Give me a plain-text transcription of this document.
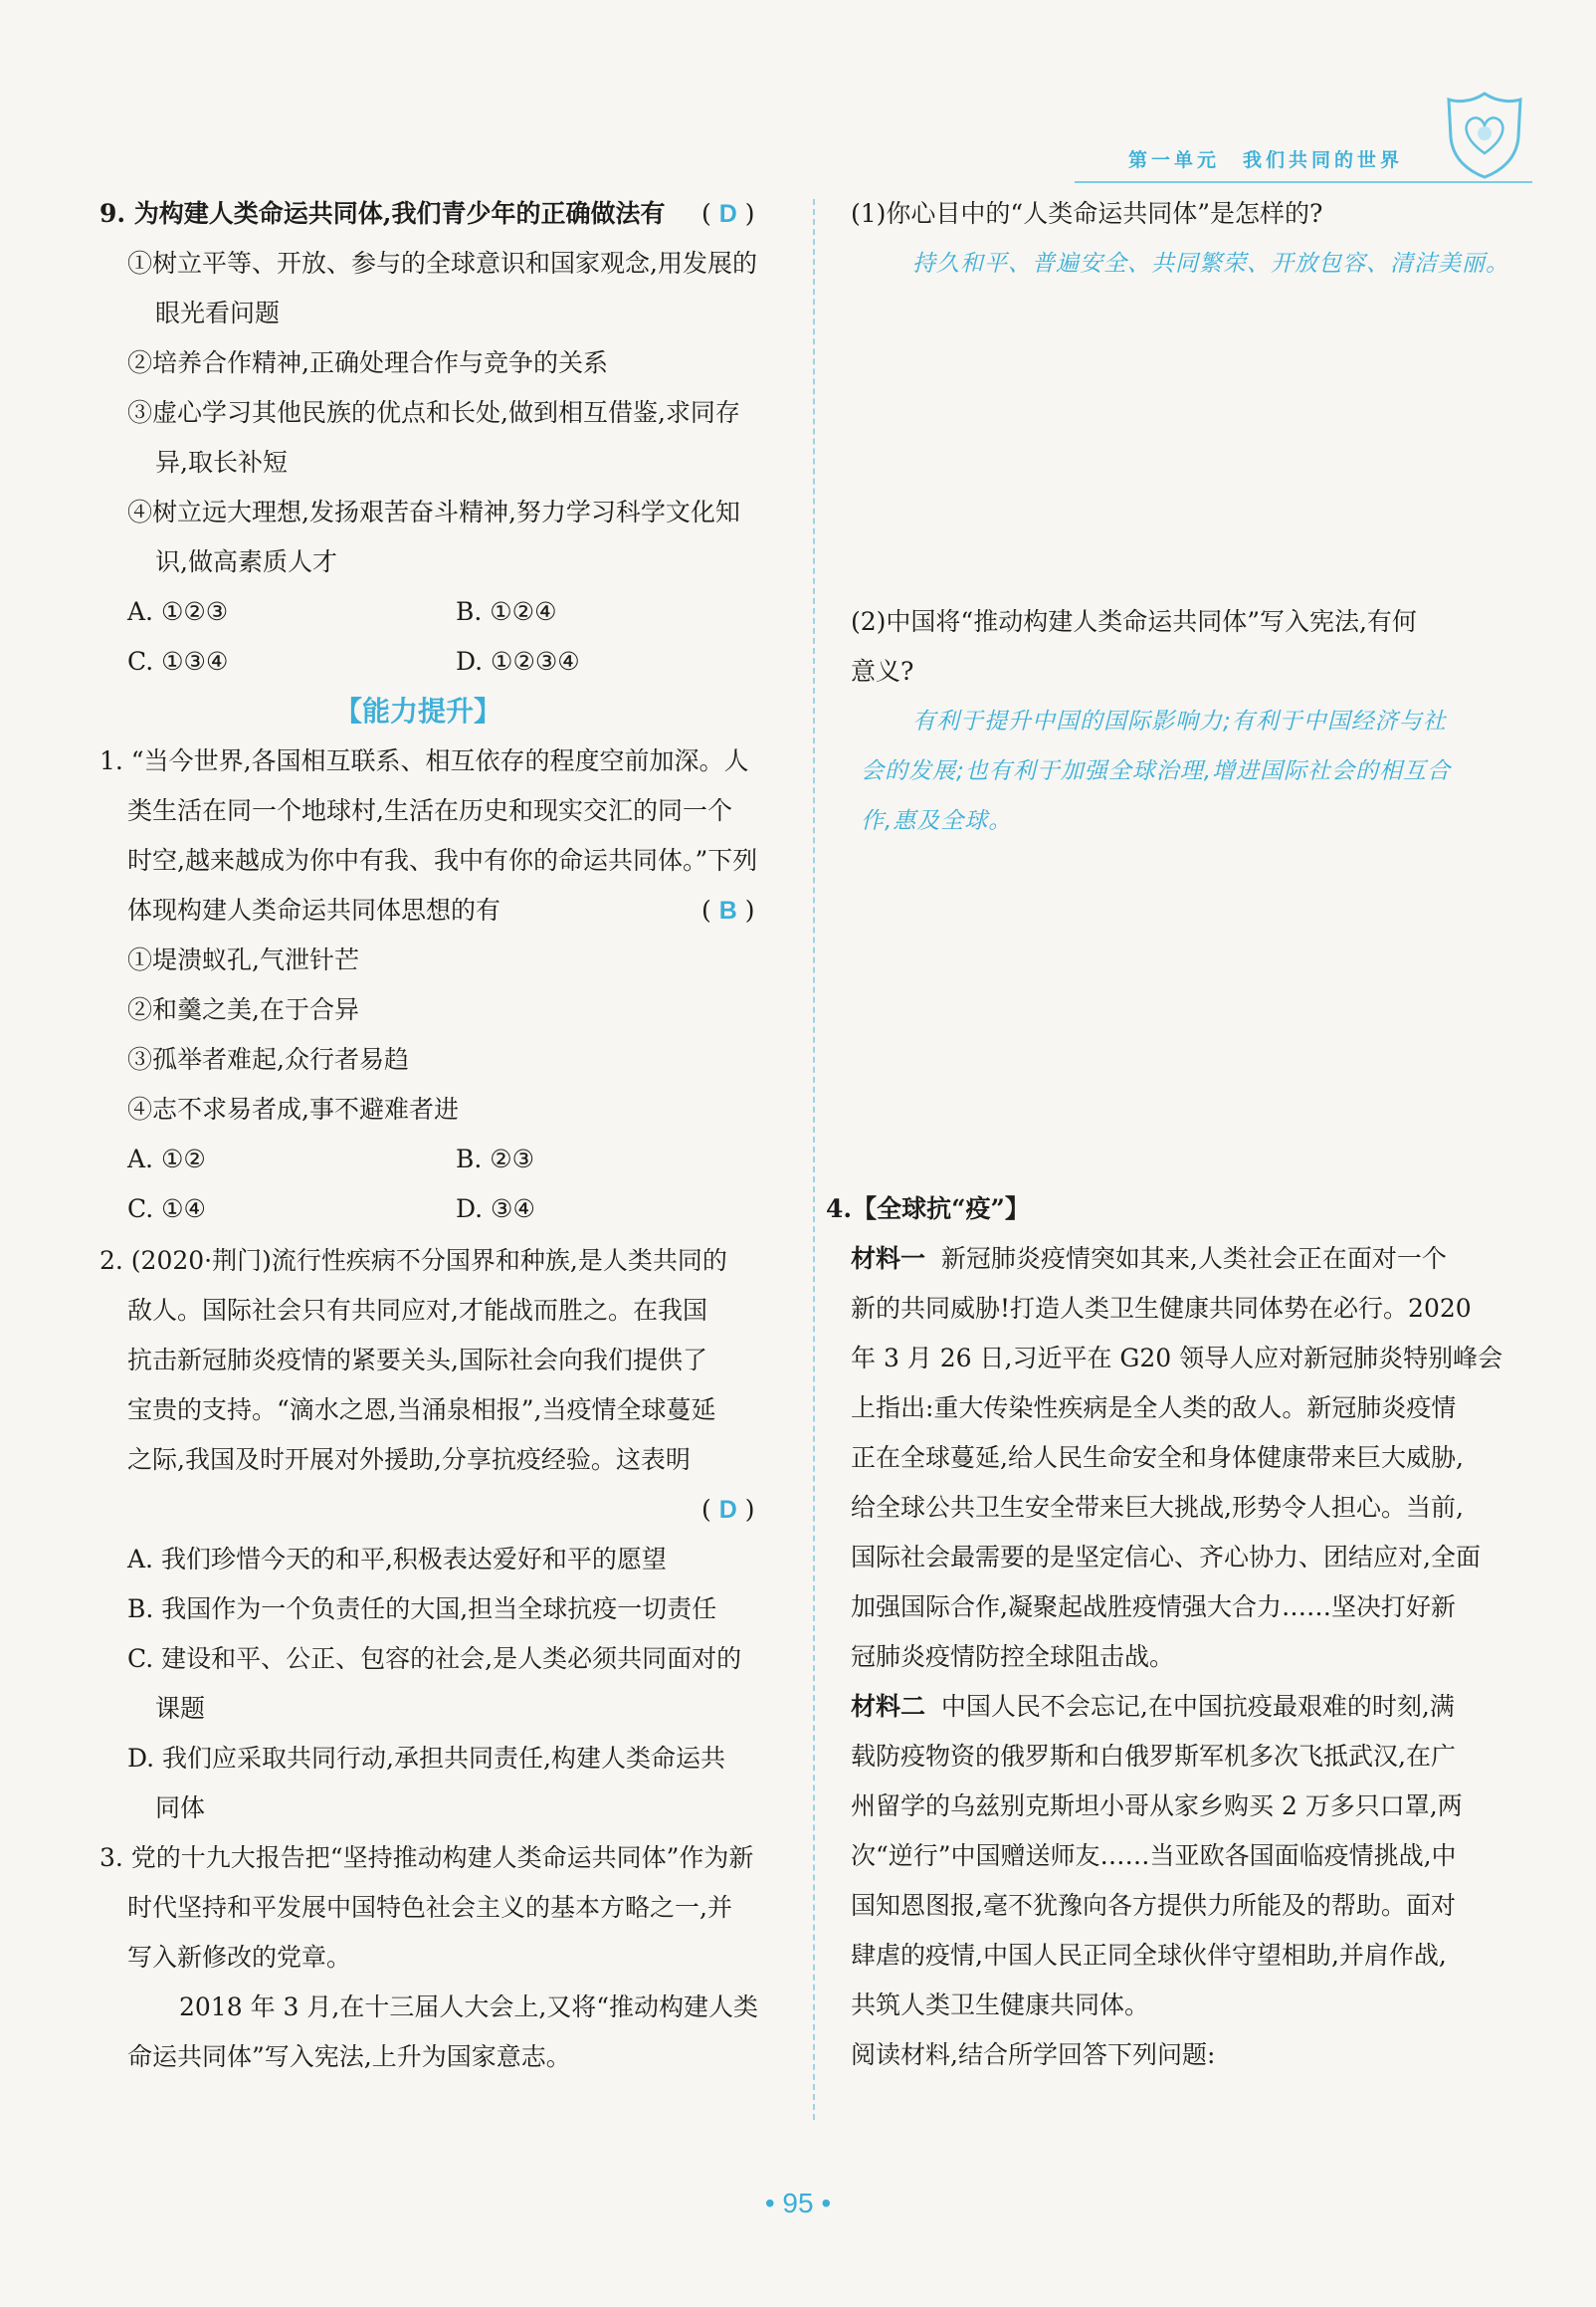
第一单元　我们共同的世界
9. 为构建人类命运共同体,我们青少年的正确做法有 ( D )
①树立平等、开放、参与的全球意识和国家观念,用发展的
眼光看问题
②培养合作精神,正确处理合作与竞争的关系
③虚心学习其他民族的优点和长处,做到相互借鉴,求同存
异,取长补短
④树立远大理想,发扬艰苦奋斗精神,努力学习科学文化知
识,做高素质人才
A. ①②③	B. ①②④
C. ①③④	D. ①②③④
【能力提升】
1. “当今世界,各国相互联系、相互依存的程度空前加深。人
类生活在同一个地球村,生活在历史和现实交汇的同一个
时空,越来越成为你中有我、我中有你的命运共同体。”下列
体现构建人类命运共同体思想的有	( B )
①堤溃蚁孔,气泄针芒
②和羹之美,在于合异
③孤举者难起,众行者易趋
④志不求易者成,事不避难者进
A. ①②	B. ②③
C. ①④	D. ③④
2. (2020·荆门)流行性疾病不分国界和种族,是人类共同的
敌人。国际社会只有共同应对,才能战而胜之。在我国
抗击新冠肺炎疫情的紧要关头,国际社会向我们提供了
宝贵的支持。“滴水之恩,当涌泉相报”,当疫情全球蔓延
之际,我国及时开展对外援助,分享抗疫经验。这表明
( D )
A. 我们珍惜今天的和平,积极表达爱好和平的愿望
B. 我国作为一个负责任的大国,担当全球抗疫一切责任
C. 建设和平、公正、包容的社会,是人类必须共同面对的
课题
D. 我们应采取共同行动,承担共同责任,构建人类命运共
同体
3. 党的十九大报告把“坚持推动构建人类命运共同体”作为新
时代坚持和平发展中国特色社会主义的基本方略之一,并
写入新修改的党章。
2018 年 3 月,在十三届人大会上,又将“推动构建人类
命运共同体”写入宪法,上升为国家意志。
(1)你心目中的“人类命运共同体”是怎样的?
持久和平、普遍安全、共同繁荣、开放包容、清洁美丽。
(2)中国将“推动构建人类命运共同体”写入宪法,有何
意义?
有利于提升中国的国际影响力;有利于中国经济与社
会的发展;也有利于加强全球治理,增进国际社会的相互合
作,惠及全球。
4.【全球抗“疫”】
材料一 新冠肺炎疫情突如其来,人类社会正在面对一个
新的共同威胁!打造人类卫生健康共同体势在必行。2020
年 3 月 26 日,习近平在 G20 领导人应对新冠肺炎特别峰会
上指出:重大传染性疾病是全人类的敌人。新冠肺炎疫情
正在全球蔓延,给人民生命安全和身体健康带来巨大威胁,
给全球公共卫生安全带来巨大挑战,形势令人担心。当前,
国际社会最需要的是坚定信心、齐心协力、团结应对,全面
加强国际合作,凝聚起战胜疫情强大合力……坚决打好新
冠肺炎疫情防控全球阻击战。
材料二 中国人民不会忘记,在中国抗疫最艰难的时刻,满
载防疫物资的俄罗斯和白俄罗斯军机多次飞抵武汉,在广
州留学的乌兹别克斯坦小哥从家乡购买 2 万多只口罩,两
次“逆行”中国赠送师友……当亚欧各国面临疫情挑战,中
国知恩图报,毫不犹豫向各方提供力所能及的帮助。面对
肆虐的疫情,中国人民正同全球伙伴守望相助,并肩作战,
共筑人类卫生健康共同体。
阅读材料,结合所学回答下列问题:
• 95 •
